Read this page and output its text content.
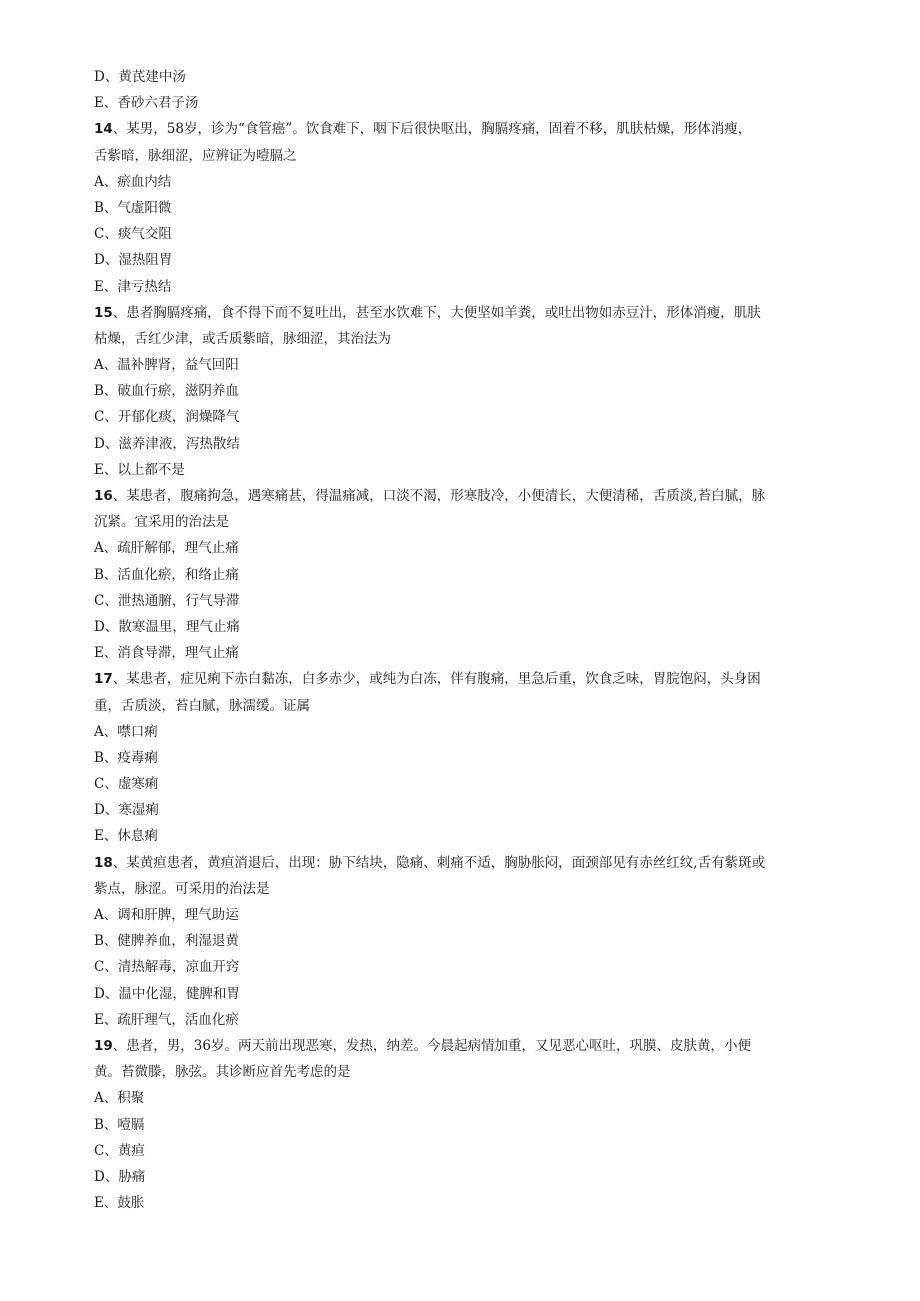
D、黄芪建中汤
E、香砂六君子汤
14、某男，58岁，诊为“食管癌”。饮食难下，咽下后很快呕出，胸膈疼痛，固着不移，肌肤枯燥，形体消瘦，
舌紫暗，脉细涩，应辨证为噎膈之
A、瘀血内结
B、气虚阳微
C、痰气交阻
D、湿热阻胃
E、津亏热结
15、患者胸膈疼痛，食不得下而不复吐出，甚至水饮难下，大便坚如羊粪，或吐出物如赤豆汁，形体消瘦，肌肤
枯燥，舌红少津，或舌质紫暗，脉细涩，其治法为
A、温补脾肾，益气回阳
B、破血行瘀，滋阴养血
C、开郁化痰，润燥降气
D、滋养津液，泻热散结
E、以上都不是
16、某患者，腹痛拘急，遇寒痛甚，得温痛减，口淡不渴，形寒肢冷，小便清长，大便清稀，舌质淡,苔白腻，脉
沉紧。宜采用的治法是
A、疏肝解郁，理气止痛
B、活血化瘀，和络止痛
C、泄热通腑，行气导滞
D、散寒温里，理气止痛
E、消食导滞，理气止痛
17、某患者，症见痢下赤白黏冻，白多赤少，或纯为白冻，伴有腹痛，里急后重，饮食乏味，胃脘饱闷，头身困
重，舌质淡，苔白腻，脉濡缓。证属
A、噤口痢
B、疫毒痢
C、虚寒痢
D、寒湿痢
E、休息痢
18、某黄疸患者，黄疸消退后，出现：胁下结块，隐痛、刺痛不适，胸胁胀闷，面颈部见有赤丝红纹,舌有紫斑或
紫点，脉涩。可采用的治法是
A、调和肝脾，理气助运
B、健脾养血，利湿退黄
C、清热解毒，凉血开窍
D、温中化湿，健脾和胃
E、疏肝理气，活血化瘀
19、患者，男，36岁。两天前出现恶寒，发热，纳差。今晨起病情加重，又见恶心呕吐，巩膜、皮肤黄，小便
黄。苔微滕，脉弦。其诊断应首先考虑的是
A、积聚
B、噎膈
C、黄疸
D、胁痛
E、鼓胀
